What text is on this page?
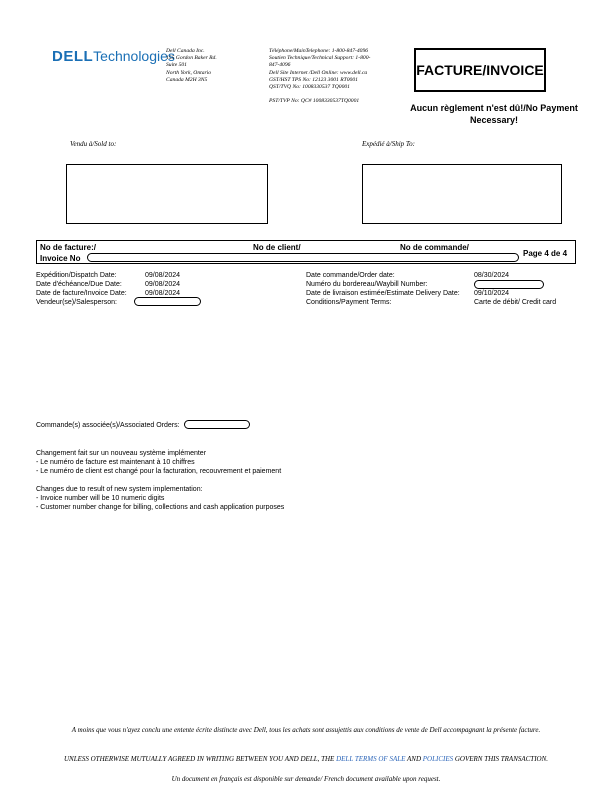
DELLTechnologies
Dell Canada Inc.
155 Gordon Baker Rd.
Suite 501
North York, Ontario
Canada M2H 3N5
Téléphone/MainTelephone: 1-800-847-4096
Soutien Technique/Technical Support: 1-800-
847-4096
Dell Site Internet /Dell Online: www.dell.ca
GST/HST TPS No: 12123 3001 RT0001
QST/TVQ No: 1008330537 TQ0001
PST/TVP No: QC# 1008330537TQ0001
FACTURE/INVOICE
Aucun règlement n'est dû!/No Payment Necessary!
Vendu à/Sold to:	Expédié à/Ship To:
No de facture:/
Invoice No
No de client/	No de commande/
Page 4 de 4
Expédition/Dispatch Date:	09/08/2024
Date d'échéance/Due Date:	09/08/2024
Date de facture/Invoice Date:	09/08/2024
Vendeur(se)/Salesperson:
Date commande/Order date:	08/30/2024
Numéro du bordereau/Waybill Number:
Date de livraison estimée/Estimate Delivery Date: 09/10/2024
Conditions/Payment Terms:	Carte de débit/ Credit card
Commande(s) associée(s)/Associated Orders:
Changement fait sur un nouveau système implémenter
- Le numéro de facture est maintenant à 10 chiffres
- Le numéro de client est changé pour la facturation, recouvrement et paiement
Changes due to result of new system implementation:
- Invoice number will be 10 numeric digits
- Customer number change for billing, collections and cash application purposes
A moins que vous n'ayez conclu une entente écrite distincte avec Dell, tous les achats sont assujettis aux conditions de vente de Dell accompagnant la présente facture.
UNLESS OTHERWISE MUTUALLY AGREED IN WRITING BETWEEN YOU AND DELL, THE DELL TERMS OF SALE AND POLICIES GOVERN THIS TRANSACTION.
Un document en français est disponible sur demande/ French document available upon request.
